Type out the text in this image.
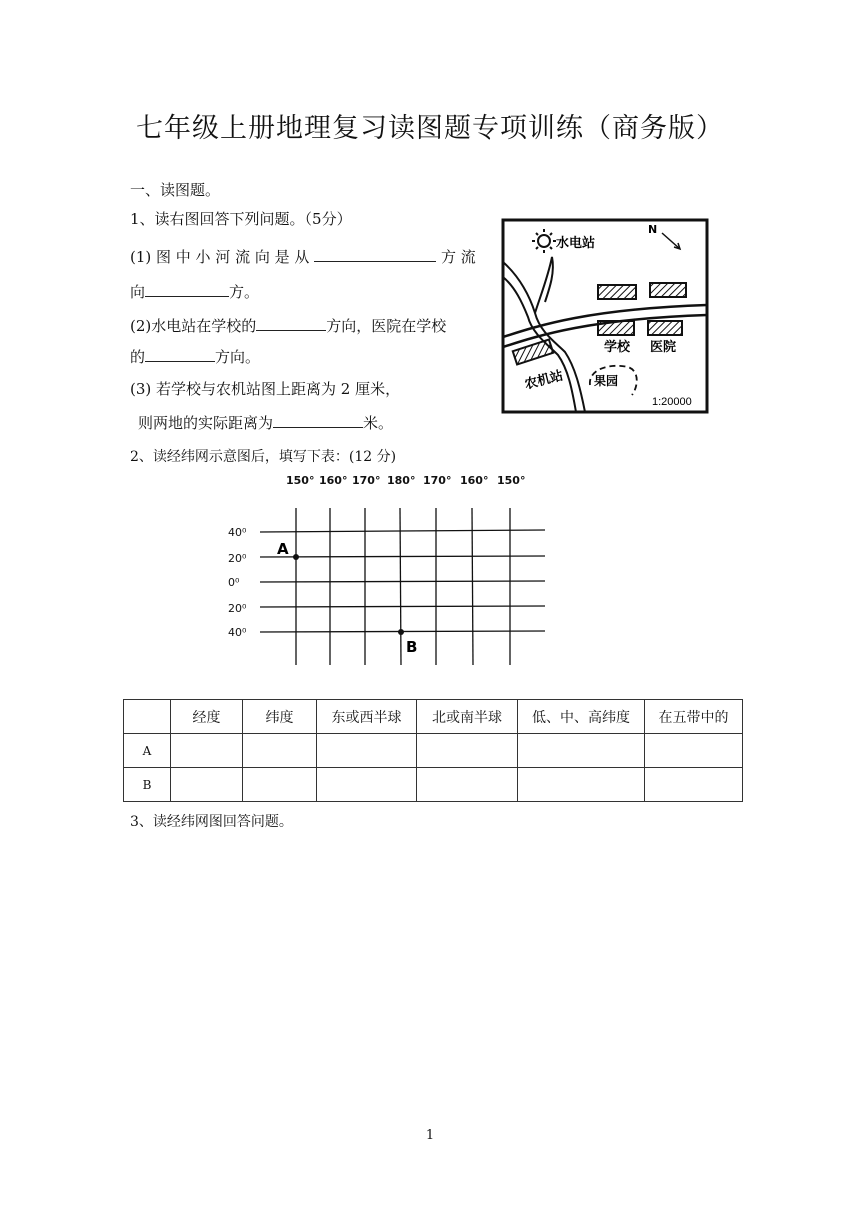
七年级上册地理复习读图题专项训练（商务版）
一、读图题。
1、读右图回答下列问题。（5分）
(1) 图 中 小 河 流 向 是 从	方 流
向	方。
(2)水电站在学校的	方向，医院在学校
的	方向。
(3) 若学校与农机站图上距离为 2 厘米，
则两地的实际距离为	米。
水电站
N
学校 医院
农机站 果园
1:20000
2、读经纬网示意图后，填写下表：(12 分)
150° 160° 170° 180° 170° 160° 150°
40⁰
20⁰
0⁰
20⁰
40⁰
A
B
	经度	纬度	东或西半球	北或南半球	低、中、高纬度	在五带中的
A						
B						
3、读经纬网图回答问题。
1
